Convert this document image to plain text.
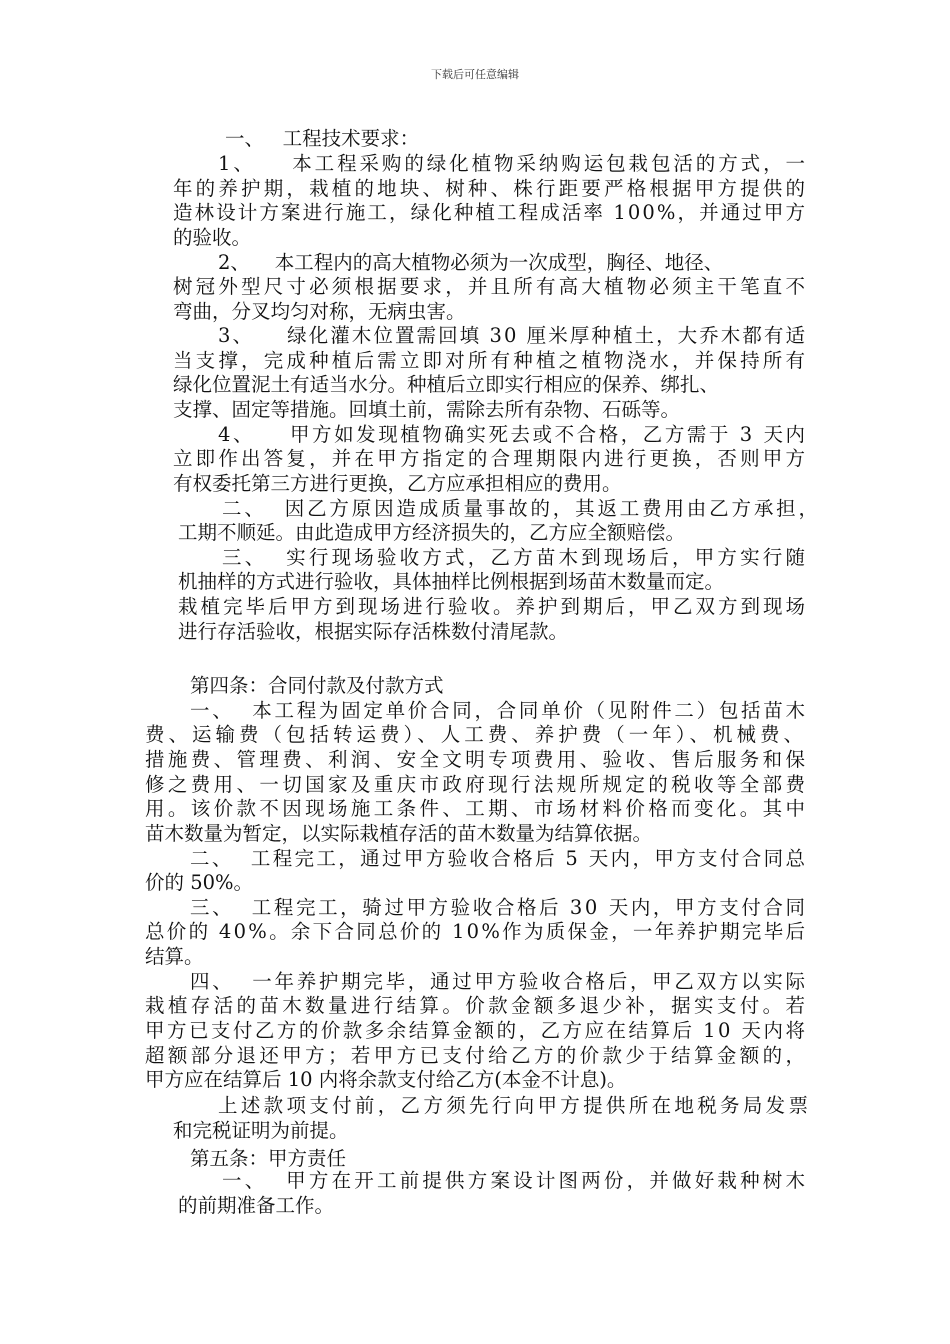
下载后可任意编辑
一、   工程技术要求：
1、    本工程采购的绿化植物采纳购运包栽包活的方式，一
年的养护期，栽植的地块、树种、株行距要严格根据甲方提供的
造林设计方案进行施工，绿化种植工程成活率 100%，并通过甲方
的验收。
2、    本工程内的高大植物必须为一次成型，胸径、地径、
树冠外型尺寸必须根据要求，并且所有高大植物必须主干笔直不
弯曲，分叉均匀对称，无病虫害。
3、    绿化灌木位置需回填 30 厘米厚种植土，大乔木都有适
当支撑，完成种植后需立即对所有种植之植物浇水，并保持所有
绿化位置泥土有适当水分。种植后立即实行相应的保养、绑扎、
支撑、固定等措施。回填土前，需除去所有杂物、石砾等。
4、    甲方如发现植物确实死去或不合格，乙方需于 3 天内
立即作出答复，并在甲方指定的合理期限内进行更换，否则甲方
有权委托第三方进行更换，乙方应承担相应的费用。
二、  因乙方原因造成质量事故的，其返工费用由乙方承担，
工期不顺延。由此造成甲方经济损失的，乙方应全额赔偿。
三、  实行现场验收方式，乙方苗木到现场后，甲方实行随
机抽样的方式进行验收，具体抽样比例根据到场苗木数量而定。
栽植完毕后甲方到现场进行验收。养护到期后，甲乙双方到现场
进行存活验收，根据实际存活株数付清尾款。
第四条：合同付款及付款方式
一、  本工程为固定单价合同，合同单价（见附件二）包括苗木
费、运输费（包括转运费）、人工费、养护费（一年）、机械费、
措施费、管理费、利润、安全文明专项费用、验收、售后服务和保
修之费用、一切国家及重庆市政府现行法规所规定的税收等全部费
用。该价款不因现场施工条件、工期、市场材料价格而变化。其中
苗木数量为暂定，以实际栽植存活的苗木数量为结算依据。
二、  工程完工，通过甲方验收合格后 5 天内，甲方支付合同总
价的 50%。
三、  工程完工，骑过甲方验收合格后 30 天内，甲方支付合同
总价的 40%。余下合同总价的 10%作为质保金，一年养护期完毕后
结算。
四、  一年养护期完毕，通过甲方验收合格后，甲乙双方以实际
栽植存活的苗木数量进行结算。价款金额多退少补，据实支付。若
甲方已支付乙方的价款多余结算金额的，乙方应在结算后 10 天内将
超额部分退还甲方；若甲方已支付给乙方的价款少于结算金额的，
甲方应在结算后 10 内将余款支付给乙方(本金不计息)。
上述款项支付前，乙方须先行向甲方提供所在地税务局发票
和完税证明为前提。
第五条：甲方责任
一、  甲方在开工前提供方案设计图两份，并做好栽种树木
的前期准备工作。
